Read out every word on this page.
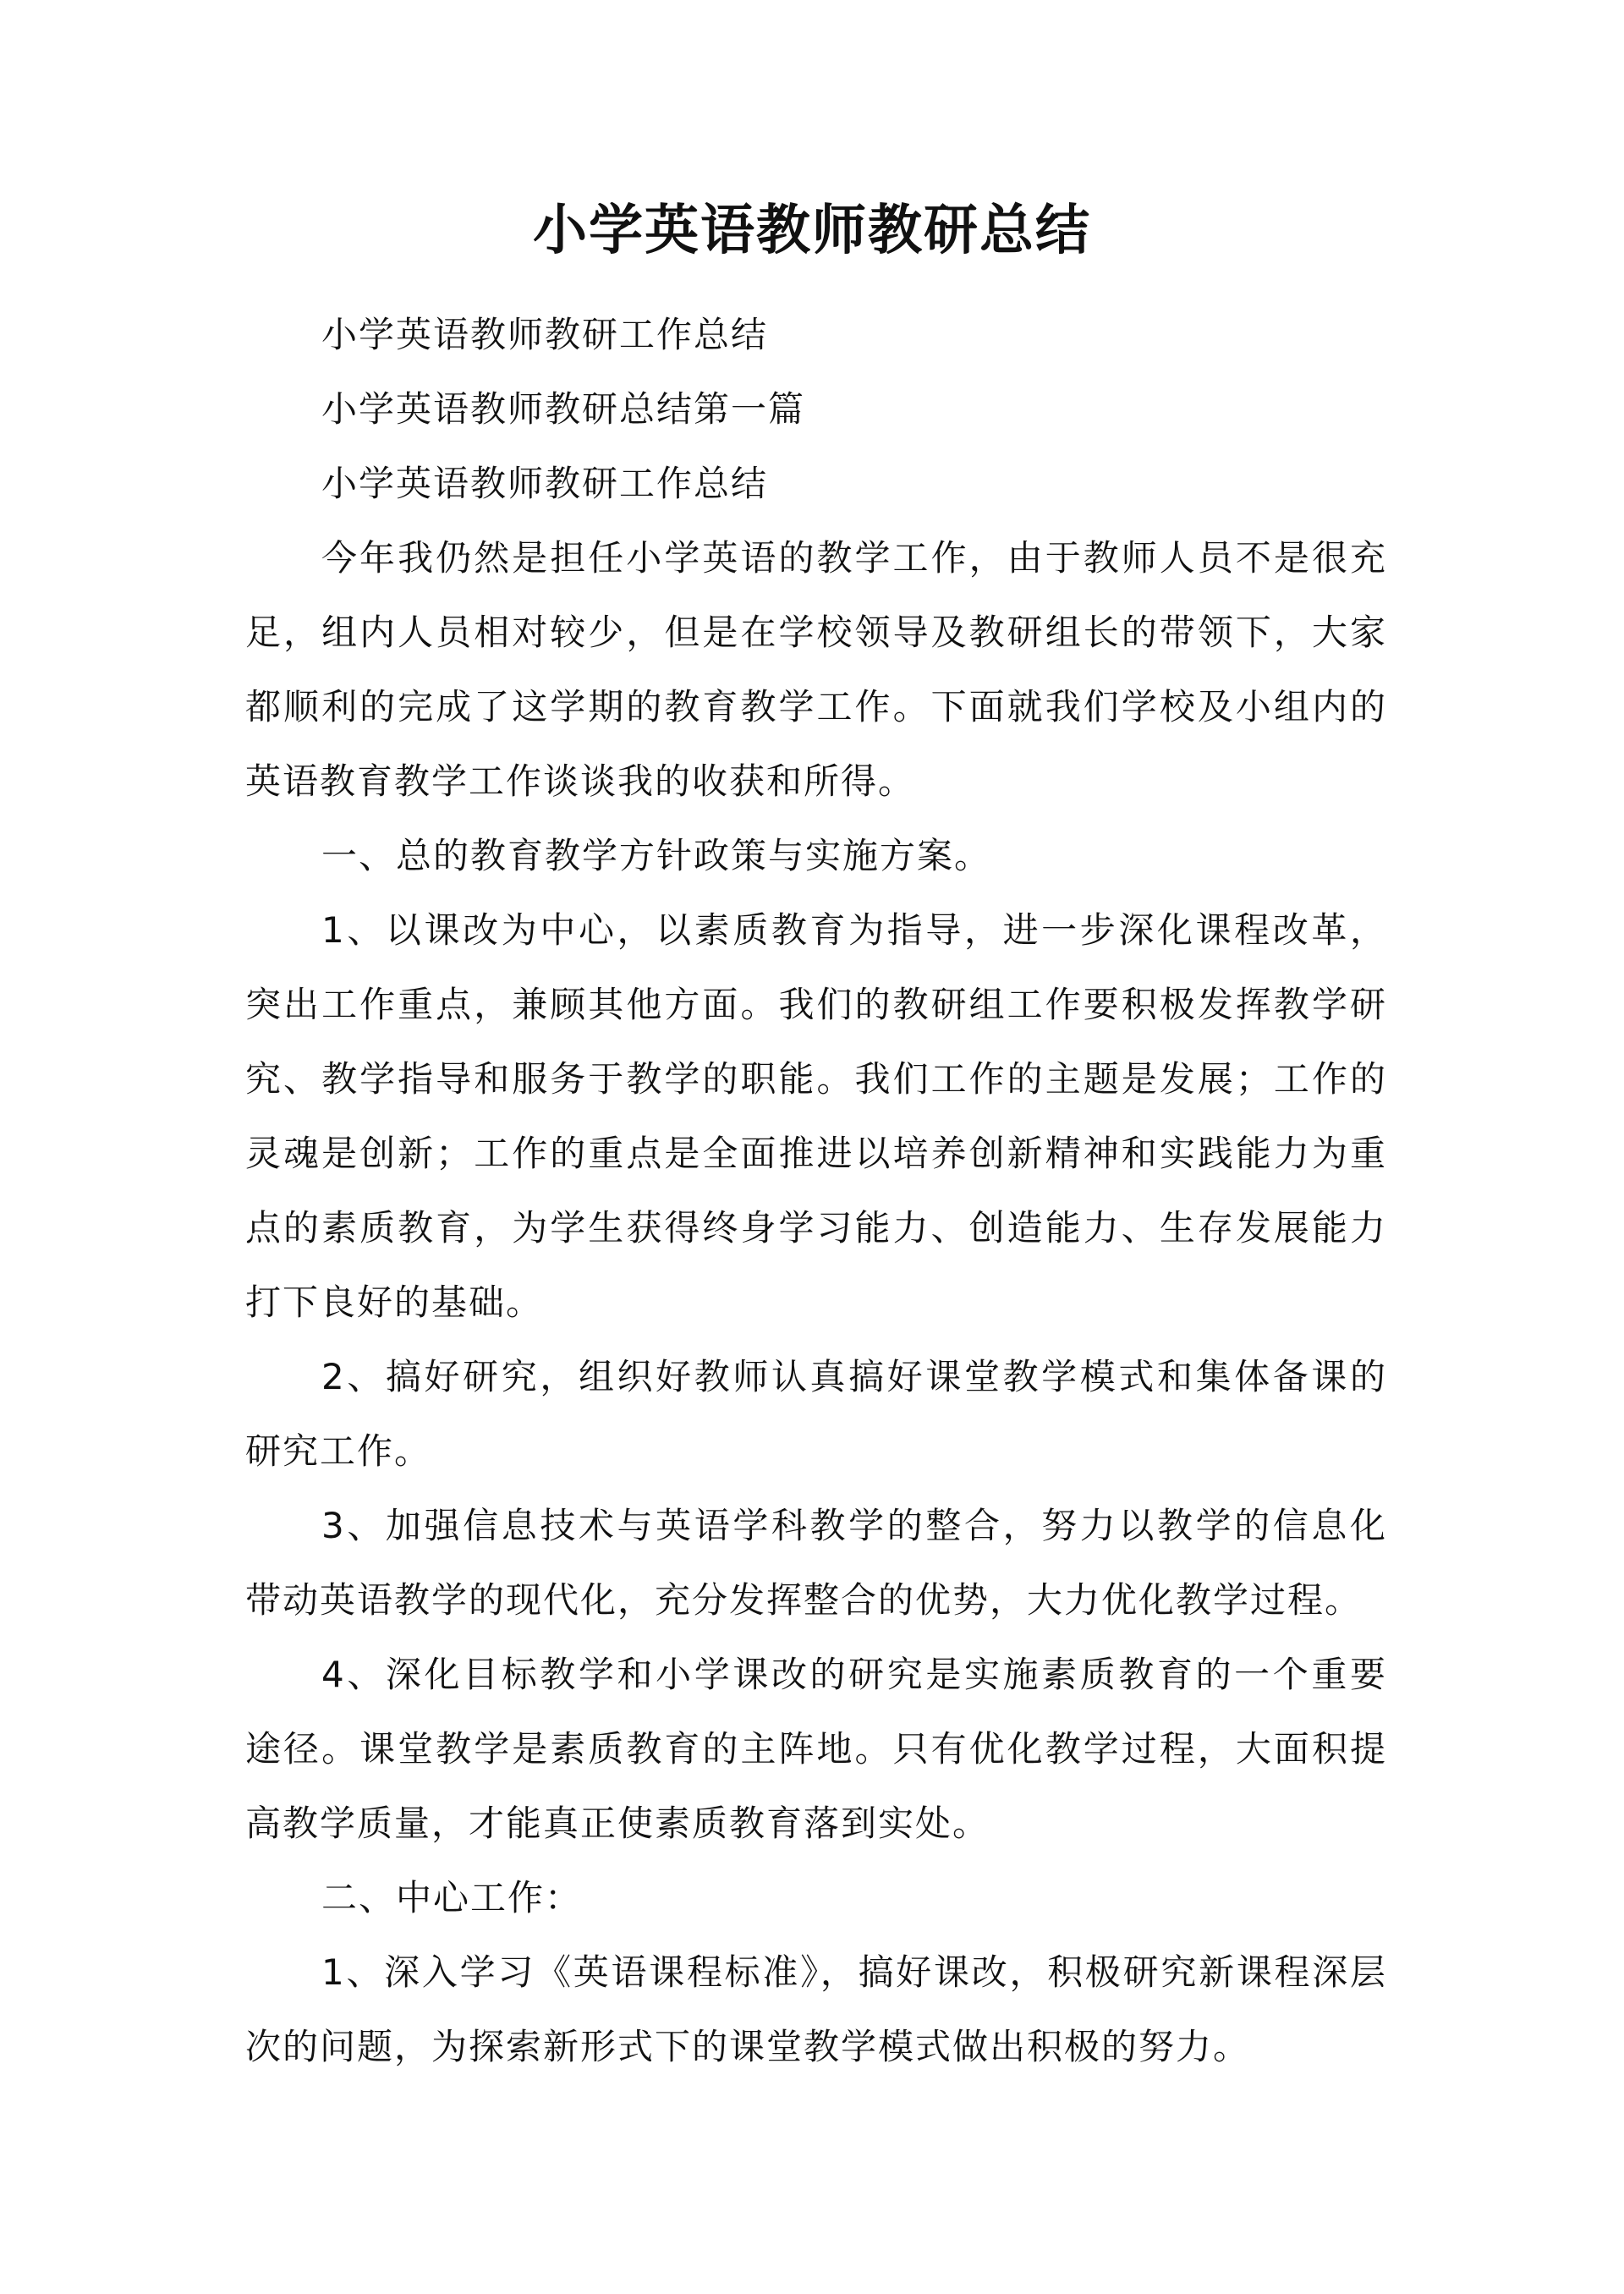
小学英语教师教研总结

小学英语教师教研工作总结

小学英语教师教研总结第一篇

小学英语教师教研工作总结

今年我仍然是担任小学英语的教学工作，由于教师人员不是很充足，组内人员相对较少，但是在学校领导及教研组长的带领下，大家都顺利的完成了这学期的教育教学工作。下面就我们学校及小组内的英语教育教学工作谈谈我的收获和所得。

一、总的教育教学方针政策与实施方案。

1、以课改为中心，以素质教育为指导，进一步深化课程改革，突出工作重点，兼顾其他方面。我们的教研组工作要积极发挥教学研究、教学指导和服务于教学的职能。我们工作的主题是发展；工作的灵魂是创新；工作的重点是全面推进以培养创新精神和实践能力为重点的素质教育，为学生获得终身学习能力、创造能力、生存发展能力打下良好的基础。

2、搞好研究，组织好教师认真搞好课堂教学模式和集体备课的研究工作。

3、加强信息技术与英语学科教学的整合，努力以教学的信息化带动英语教学的现代化，充分发挥整合的优势，大力优化教学过程。

4、深化目标教学和小学课改的研究是实施素质教育的一个重要途径。课堂教学是素质教育的主阵地。只有优化教学过程，大面积提高教学质量，才能真正使素质教育落到实处。

二、中心工作：

1、深入学习《英语课程标准》，搞好课改，积极研究新课程深层次的问题，为探索新形式下的课堂教学模式做出积极的努力。
